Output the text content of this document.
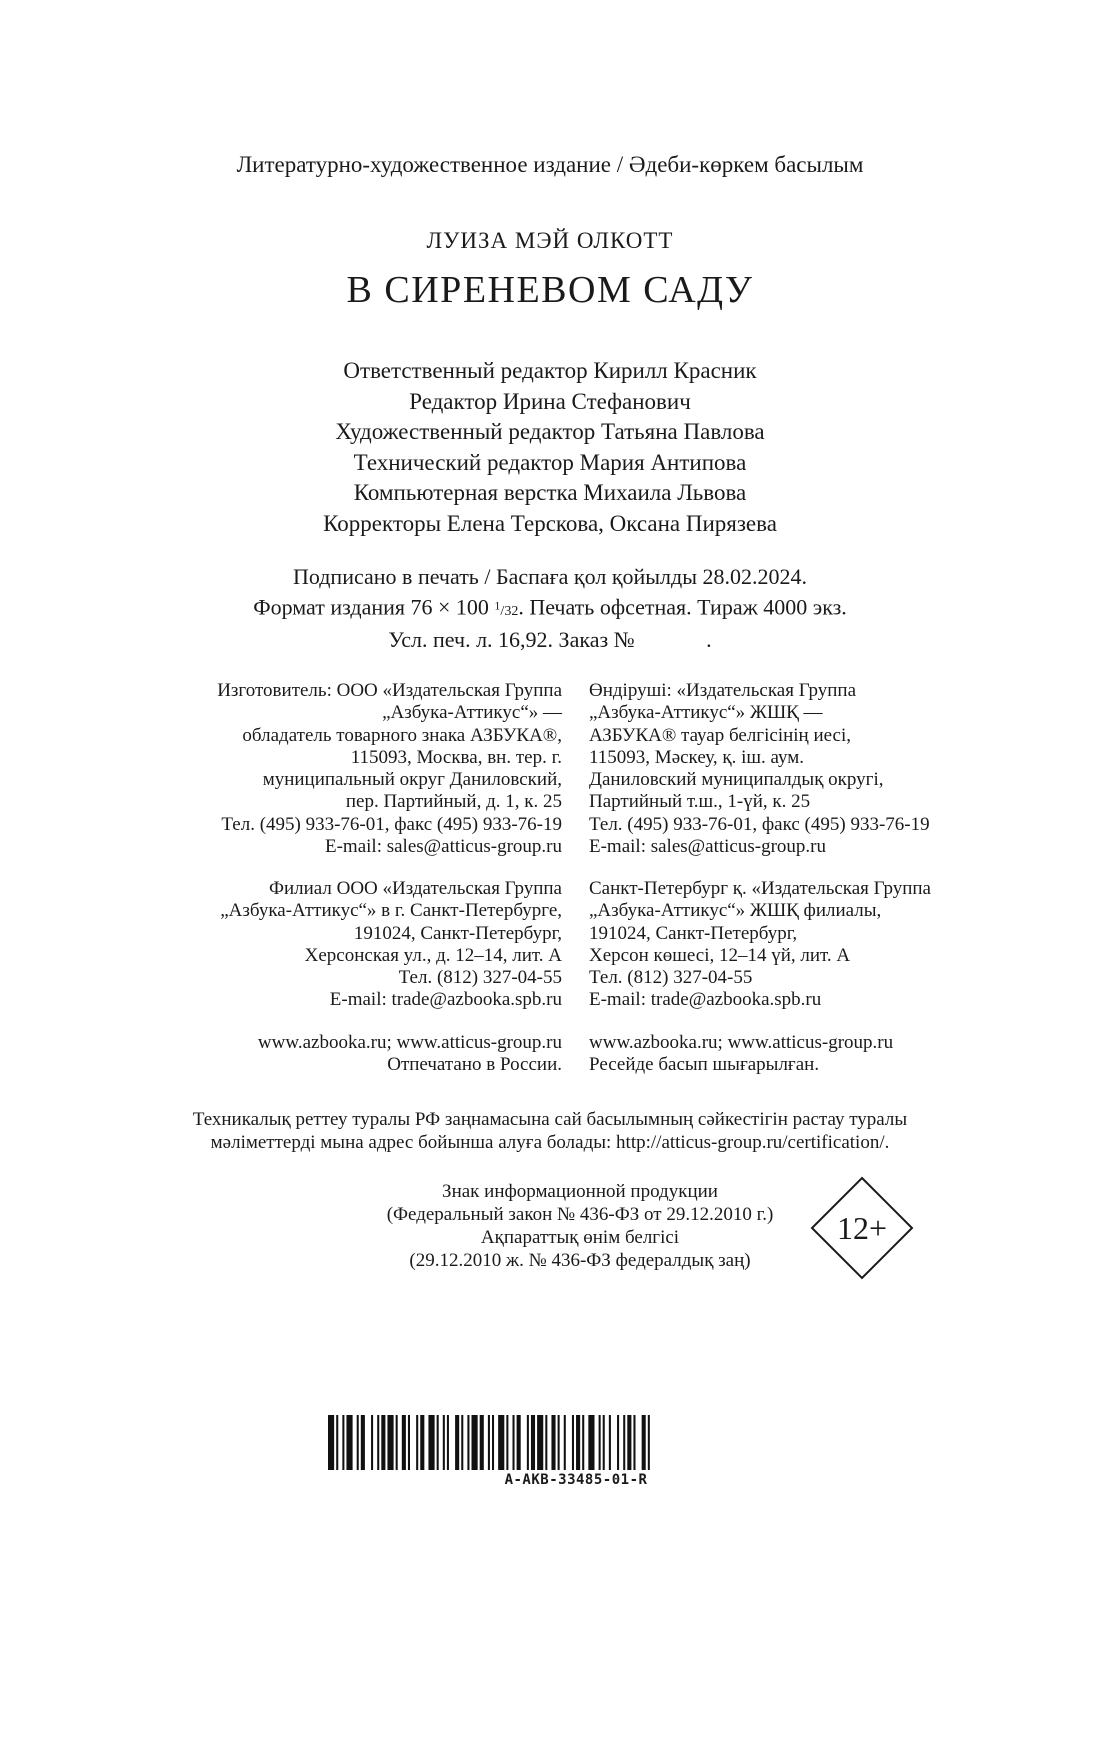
Литературно-художественное издание / Әдеби-көркем басылым
ЛУИЗА МЭЙ ОЛКОТТ
В СИРЕНЕВОМ САДУ
Ответственный редактор Кирилл Красник
Редактор Ирина Стефанович
Художественный редактор Татьяна Павлова
Технический редактор Мария Антипова
Компьютерная верстка Михаила Львова
Корректоры Елена Терскова, Оксана Пирязева
Подписано в печать / Баспаға қол қойылды 28.02.2024.
Формат издания 76 × 100 $^1$/32. Печать офсетная. Тираж 4000 экз.
Усл. печ. л. 16,92. Заказ №             .
Изготовитель: ООО «Издательская Группа
„Азбука-Аттикус“» —
обладатель товарного знака АЗБУКА®,
115093, Москва, вн. тер. г.
муниципальный округ Даниловский,
пер. Партийный, д. 1, к. 25
Тел. (495) 933-76-01, факс (495) 933-76-19
E-mail: sales@atticus-group.ru
Филиал ООО «Издательская Группа
„Азбука-Аттикус“» в г. Санкт-Петербурге,
191024, Санкт-Петербург,
Херсонская ул., д. 12–14, лит. А
Тел. (812) 327-04-55
E-mail: trade@azbooka.spb.ru
www.azbooka.ru; www.atticus-group.ru
Отпечатано в России.
Өндіруші: «Издательская Группа
„Азбука-Аттикус“» ЖШҚ —
АЗБУКА® тауар белгісінің иесі,
115093, Мәскеу, қ. іш. аум.
Даниловский муниципалдық округі,
Партийный т.ш., 1-үй, к. 25
Тел. (495) 933-76-01, факс (495) 933-76-19
E-mail: sales@atticus-group.ru
Санкт-Петербург қ. «Издательская Группа
„Азбука-Аттикус“» ЖШҚ филиалы,
191024, Санкт-Петербург,
Херсон көшесі, 12–14 үй, лит. А
Тел. (812) 327-04-55
E-mail: trade@azbooka.spb.ru
www.azbooka.ru; www.atticus-group.ru
Ресейде басып шығарылған.
Техникалық реттеу туралы РФ заңнамасына сай басылымның сәйкестігін растау туралы
мәліметтерді мына адрес бойынша алуға болады: http://atticus-group.ru/certification/.
Знак информационной продукции
(Федеральный закон № 436-ФЗ от 29.12.2010 г.)
Ақпараттық өнім белгісі
(29.12.2010 ж. № 436-ФЗ федералдық заң)
12+
A-AKB-33485-01-R
